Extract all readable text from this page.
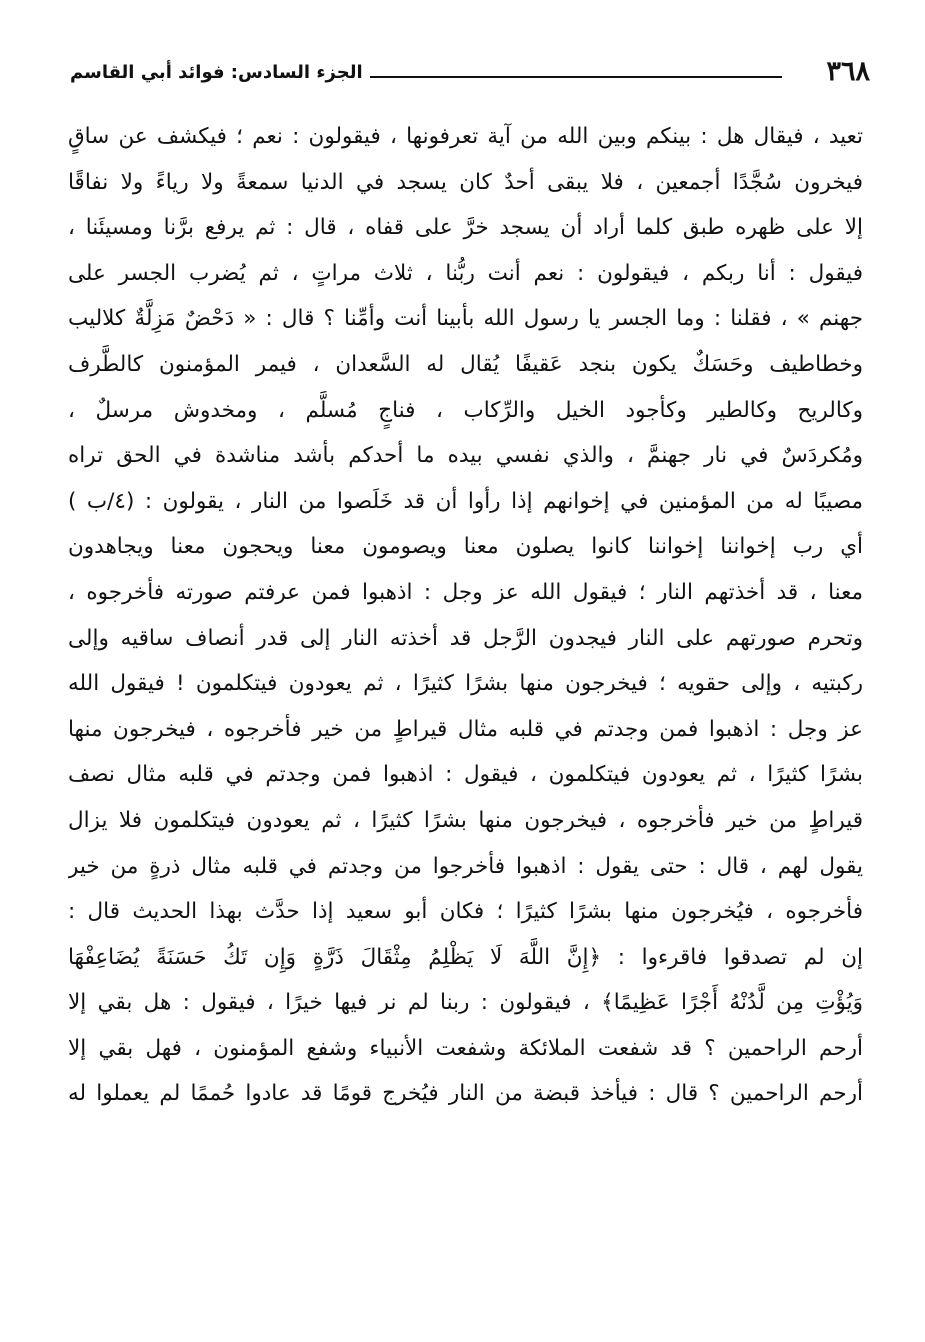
٣٦٨
الجزء السادس: فوائد أبي القاسم
تعيد ، فيقال هل : بينكم وبين الله من آية تعرفونها ، فيقولون : نعم ؛ فيكشف عن ساقٍ
فيخرون سُجَّدًا أجمعين ، فلا يبقى أحدٌ كان يسجد في الدنيا سمعةً ولا رياءً ولا نفاقًا
إلا على ظهره طبق كلما أراد أن يسجد خرَّ على قفاه ، قال : ثم يرفع برَّنا ومسيئَنا ،
فيقول : أنا ربكم ، فيقولون : نعم أنت ربُّنا ، ثلاث مراتٍ ، ثم يُضرب الجسر على
جهنم » ، فقلنا : وما الجسر يا رسول الله بأبينا أنت وأمِّنا ؟ قال : « دَحْضٌ مَزِلَّةٌ كلاليب
وخطاطيف وحَسَكٌ يكون بنجد عَقيفًا يُقال له السَّعدان ، فيمر المؤمنون كالطَّرف
وكالريح وكالطير وكأجود الخيل والرِّكاب ، فناجٍ مُسلَّم ، ومخدوش مرسلٌ ،
ومُكردَسٌ في نار جهنمَّ ، والذي نفسي بيده ما أحدكم بأشد مناشدة في الحق تراه
مصيبًا له من المؤمنين في إخوانهم إذا رأوا أن قد خَلَصوا من النار ، يقولون : (٤/ب )
أي رب إخواننا إخواننا كانوا يصلون معنا ويصومون معنا ويحجون معنا ويجاهدون
معنا ، قد أخذتهم النار ؛ فيقول الله عز وجل : اذهبوا فمن عرفتم صورته فأخرجوه ،
وتحرم صورتهم على النار فيجدون الرَّجل قد أخذته النار إلى قدر أنصاف ساقيه وإلى
ركبتيه ، وإلى حقويه ؛ فيخرجون منها بشرًا كثيرًا ، ثم يعودون فيتكلمون ! فيقول الله
عز وجل : اذهبوا فمن وجدتم في قلبه مثال قيراطٍ من خير فأخرجوه ، فيخرجون منها
بشرًا كثيرًا ، ثم يعودون فيتكلمون ، فيقول : اذهبوا فمن وجدتم في قلبه مثال نصف
قيراطٍ من خير فأخرجوه ، فيخرجون منها بشرًا كثيرًا ، ثم يعودون فيتكلمون فلا يزال
يقول لهم ، قال : حتى يقول : اذهبوا فأخرجوا من وجدتم في قلبه مثال ذرةٍ من خير
فأخرجوه ، فيُخرجون منها بشرًا كثيرًا ؛ فكان أبو سعيد إذا حدَّث بهذا الحديث قال :
إن لم تصدقوا فاقرءوا : ﴿إِنَّ اللَّهَ لَا يَظْلِمُ مِثْقَالَ ذَرَّةٍ وَإِن تَكُ حَسَنَةً يُضَاعِفْهَا
وَيُؤْتِ مِن لَّدُنْهُ أَجْرًا عَظِيمًا﴾ ، فيقولون : ربنا لم نر فيها خيرًا ، فيقول : هل بقي إلا
أرحم الراحمين ؟ قد شفعت الملائكة وشفعت الأنبياء وشفع المؤمنون ، فهل بقي إلا
أرحم الراحمين ؟ قال : فيأخذ قبضة من النار فيُخرج قومًا قد عادوا حُممًا لم يعملوا له
